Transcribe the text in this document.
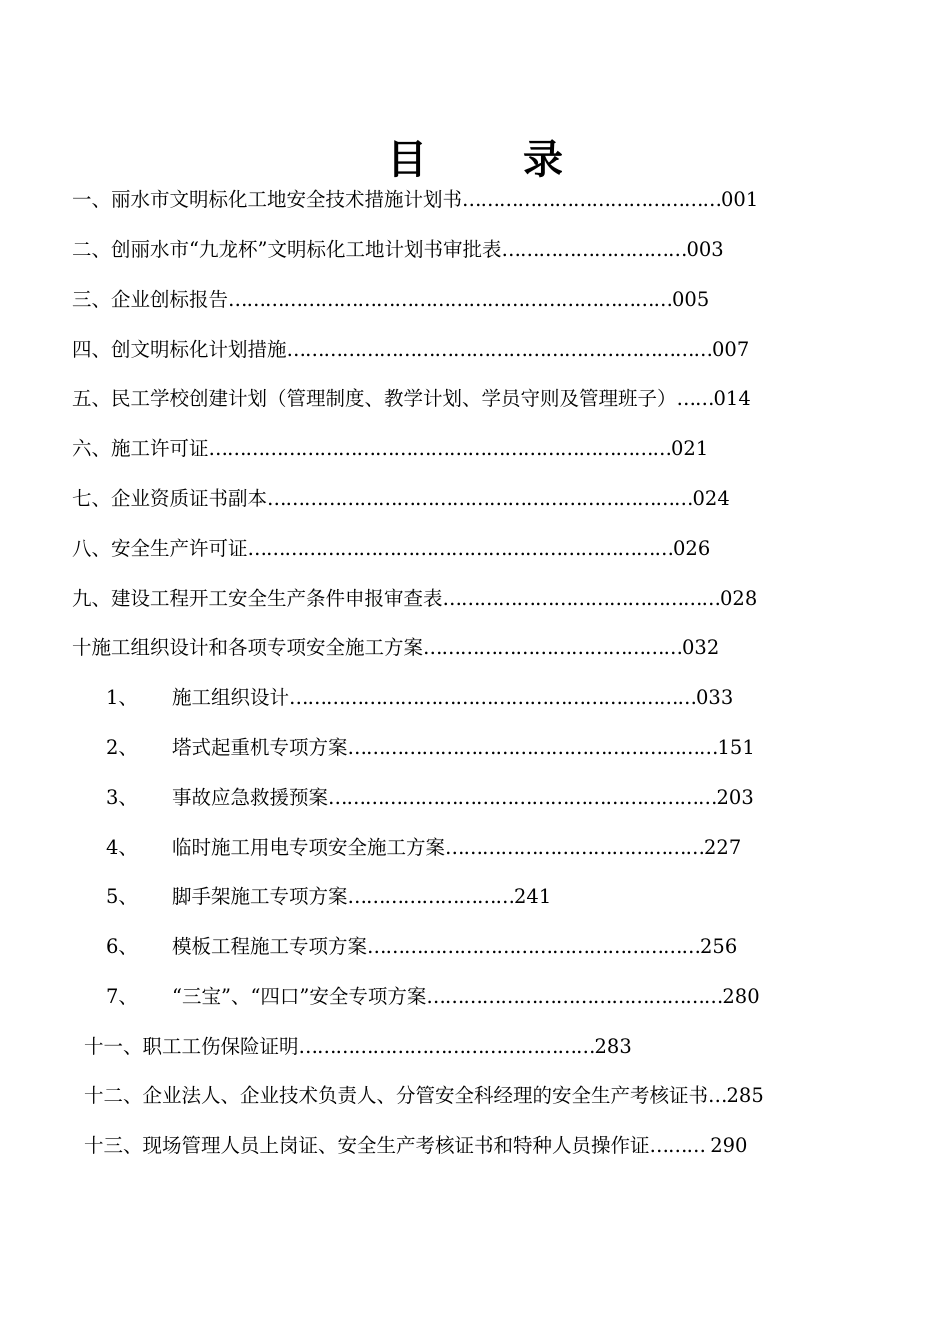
目 录
一、丽水市文明标化工地安全技术措施计划书……………………………………001
二、创丽水市“九龙杯”文明标化工地计划书审批表…………………………003
三、企业创标报告………………………………………………………………005
四、创文明标化计划措施……………………………………………………………007
五、民工学校创建计划（管理制度、教学计划、学员守则及管理班子）……014
六、施工许可证…………………………………………………………………021
七、企业资质证书副本……………………………………………………………024
八、安全生产许可证……………………………………………………………026
九、建设工程开工安全生产条件申报审查表………………………………………028
十施工组织设计和各项专项安全施工方案……………………………………032
1、 施工组织设计…………………………………………………………033
2、 塔式起重机专项方案……………………………………………………151
3、 事故应急救援预案………………………………………………………203
4、 临时施工用电专项安全施工方案……………………………………227
5、 脚手架施工专项方案………………………241
6、 模板工程施工专项方案………………………………………………256
7、 “三宝”、“四口”安全专项方案…………………………………………280
十一、职工工伤保险证明…………………………………………283
十二、企业法人、企业技术负责人、分管安全科经理的安全生产考核证书…285
十三、现场管理人员上岗证、安全生产考核证书和特种人员操作证……… 290
